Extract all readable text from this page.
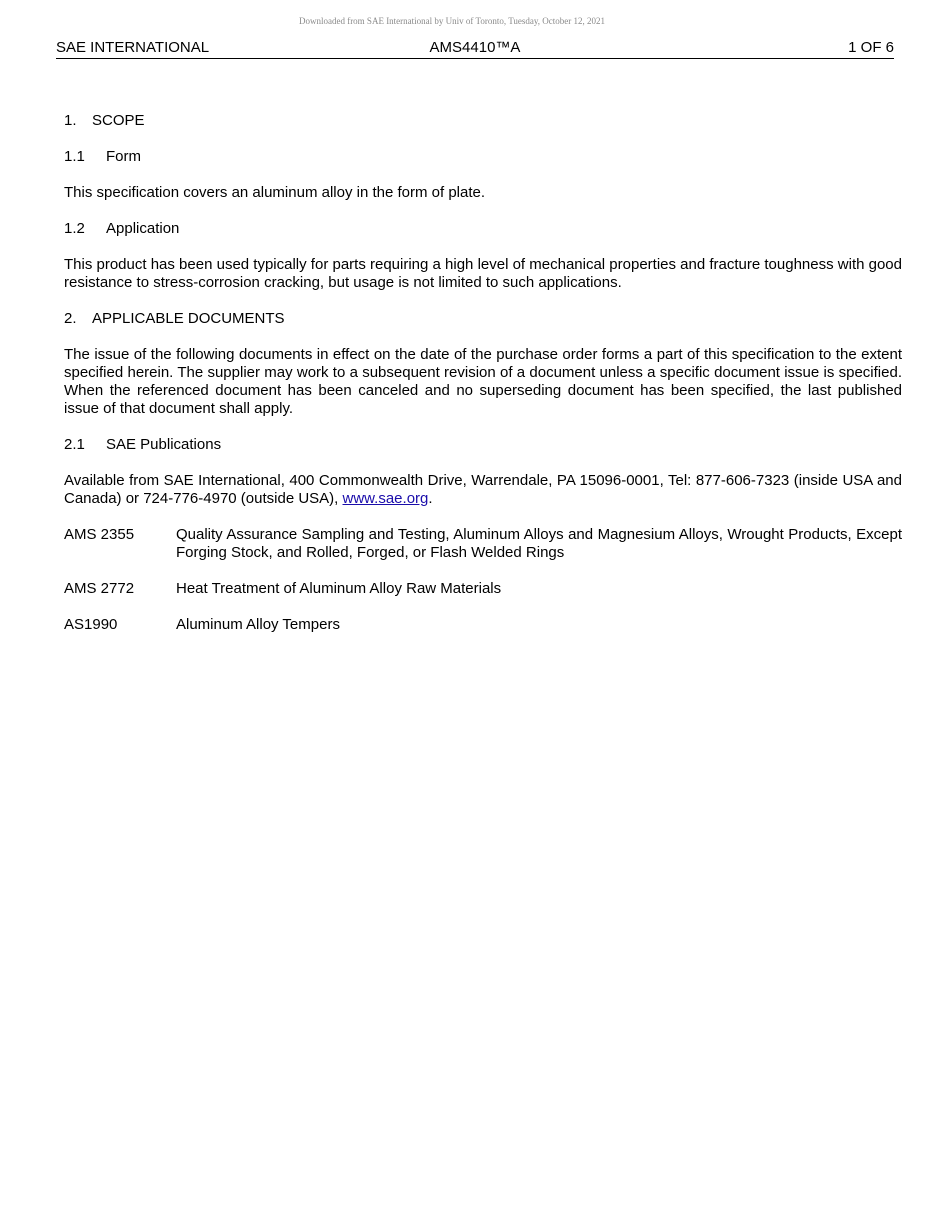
Downloaded from SAE International by Univ of Toronto, Tuesday, October 12, 2021
SAE INTERNATIONAL	AMS4410™A	1 OF 6
1. SCOPE
1.1 Form
This specification covers an aluminum alloy in the form of plate.
1.2 Application
This product has been used typically for parts requiring a high level of mechanical properties and fracture toughness with good resistance to stress-corrosion cracking, but usage is not limited to such applications.
2. APPLICABLE DOCUMENTS
The issue of the following documents in effect on the date of the purchase order forms a part of this specification to the extent specified herein. The supplier may work to a subsequent revision of a document unless a specific document issue is specified. When the referenced document has been canceled and no superseding document has been specified, the last published issue of that document shall apply.
2.1 SAE Publications
Available from SAE International, 400 Commonwealth Drive, Warrendale, PA 15096-0001, Tel: 877-606-7323 (inside USA and Canada) or 724-776-4970 (outside USA), www.sae.org.
AMS 2355	Quality Assurance Sampling and Testing, Aluminum Alloys and Magnesium Alloys, Wrought Products, Except Forging Stock, and Rolled, Forged, or Flash Welded Rings
AMS 2772	Heat Treatment of Aluminum Alloy Raw Materials
AS1990	Aluminum Alloy Tempers
